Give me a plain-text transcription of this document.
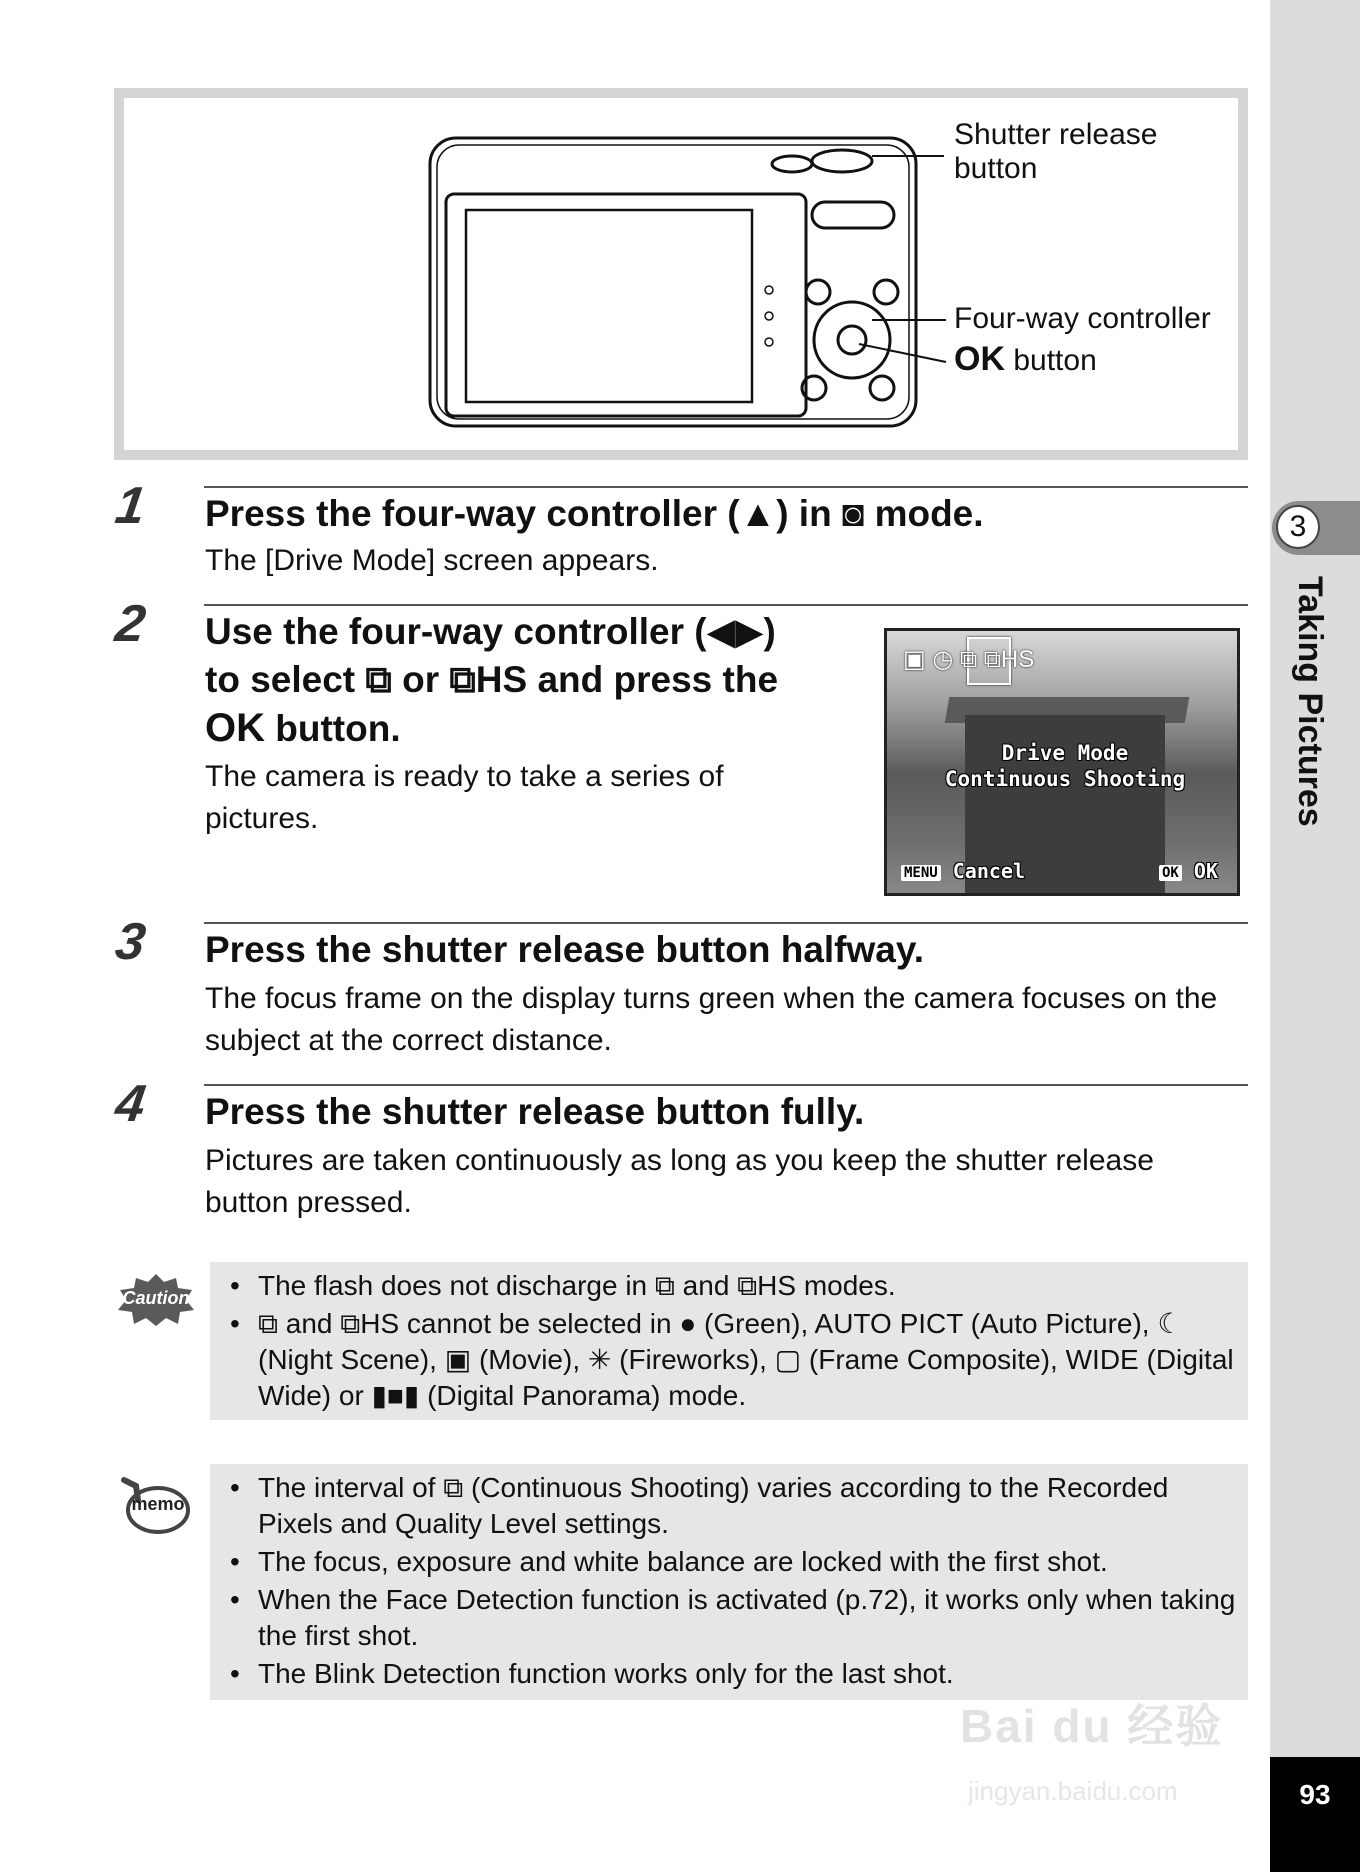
3
Taking Pictures
93
Shutter release button
Four-way controller
OK button
1 Press the four-way controller (▲) in ◙ mode.
The [Drive Mode] screen appears.
2 Use the four-way controller (◀▶)
to select ⧉ or ⧉HS and press the
OK button.
The camera is ready to take a series of pictures.
▣ ◷ ⧉ ⧉HS
Drive Mode
Continuous Shooting
MENU Cancel	OK OK
3 Press the shutter release button halfway.
The focus frame on the display turns green when the camera focuses on the subject at the correct distance.
4 Press the shutter release button fully.
Pictures are taken continuously as long as you keep the shutter release button pressed.
Caution
•	The flash does not discharge in ⧉ and ⧉HS modes.
• ⧉ and ⧉HS cannot be selected in ● (Green), AUTO PICT (Auto Picture), ☾ (Night Scene), ▣ (Movie), ✳ (Fireworks), ▢ (Frame Composite), WIDE (Digital Wide) or ▮■▮ (Digital Panorama) mode.
memo
• The interval of ⧉ (Continuous Shooting) varies according to the Recorded Pixels and Quality Level settings.
• The focus, exposure and white balance are locked with the first shot.
• When the Face Detection function is activated (p.72), it works only when taking the first shot.
• The Blink Detection function works only for the last shot.
Bai du 经验
jingyan.baidu.com
